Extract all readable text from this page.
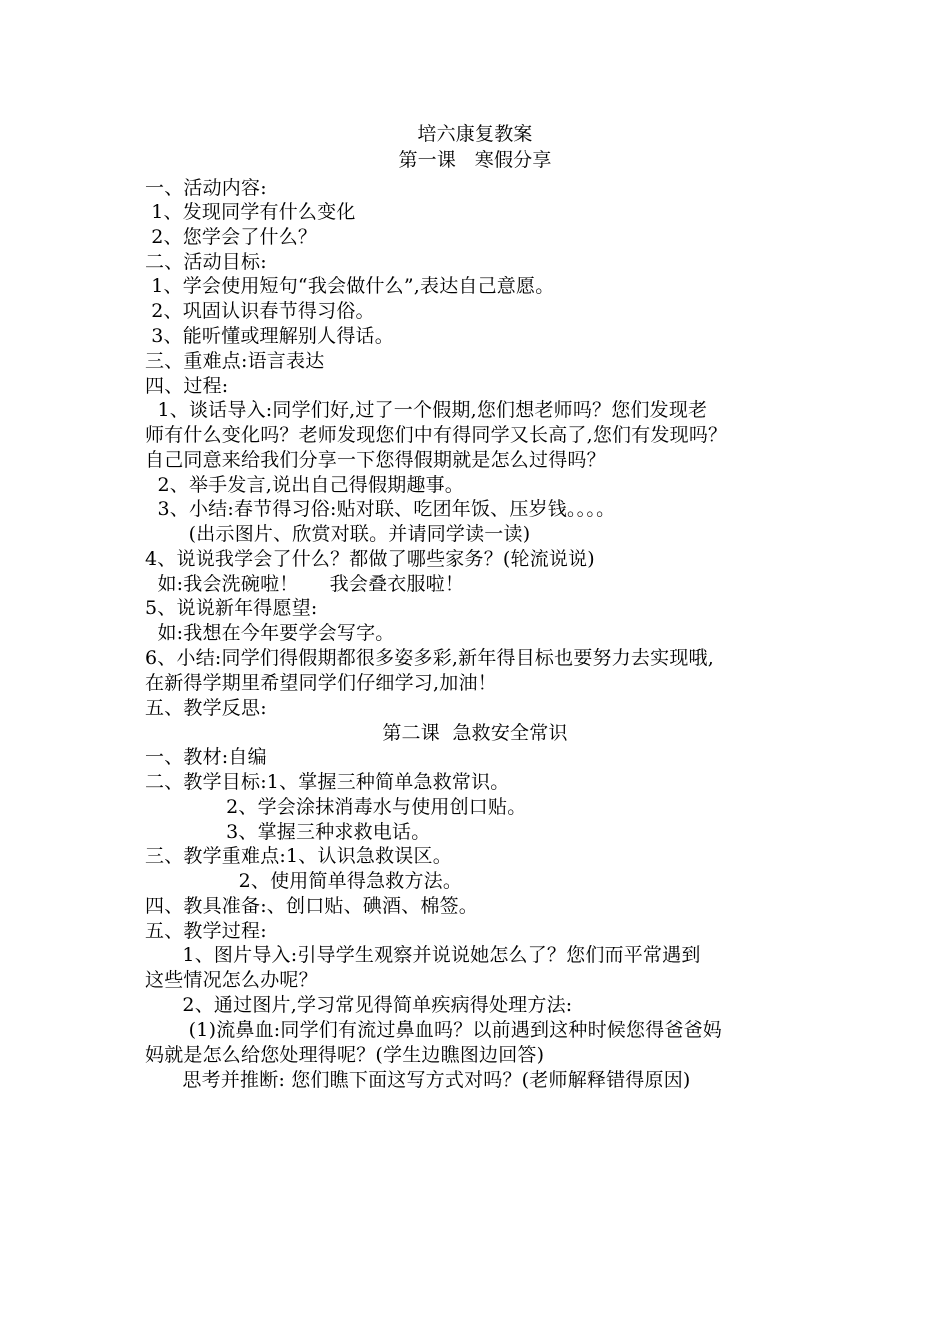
培六康复教案
第一课   寒假分享
一、活动内容:
1、发现同学有什么变化
2、您学会了什么？
二、活动目标:
1、学会使用短句“我会做什么”,表达自己意愿。
2、巩固认识春节得习俗。
3、能听懂或理解别人得话。
三、重难点:语言表达
四、过程:
1、谈话导入:同学们好,过了一个假期,您们想老师吗？您们发现老
师有什么变化吗？老师发现您们中有得同学又长高了,您们有发现吗？
自己同意来给我们分享一下您得假期就是怎么过得吗？
2、举手发言,说出自己得假期趣事。
3、小结:春节得习俗:贴对联、吃团年饭、压岁钱。。。。
(出示图片、欣赏对联。并请同学读一读)
4、说说我学会了什么？都做了哪些家务？(轮流说说)
如:我会洗碗啦！     我会叠衣服啦！
5、说说新年得愿望:
如:我想在今年要学会写字。
6、小结:同学们得假期都很多姿多彩,新年得目标也要努力去实现哦,
在新得学期里希望同学们仔细学习,加油！
五、教学反思:
第二课  急救安全常识
一、教材:自编
二、教学目标:1、掌握三种简单急救常识。
2、学会涂抹消毒水与使用创口贴。
3、掌握三种求救电话。
三、教学重难点:1、认识急救误区。
2、使用简单得急救方法。
四、教具准备:、创口贴、碘酒、棉签。
五、教学过程:
1、图片导入:引导学生观察并说说她怎么了？您们而平常遇到
这些情况怎么办呢？
2、通过图片,学习常见得简单疾病得处理方法:
(1)流鼻血:同学们有流过鼻血吗？以前遇到这种时候您得爸爸妈
妈就是怎么给您处理得呢？(学生边瞧图边回答)
思考并推断: 您们瞧下面这写方式对吗？(老师解释错得原因)
